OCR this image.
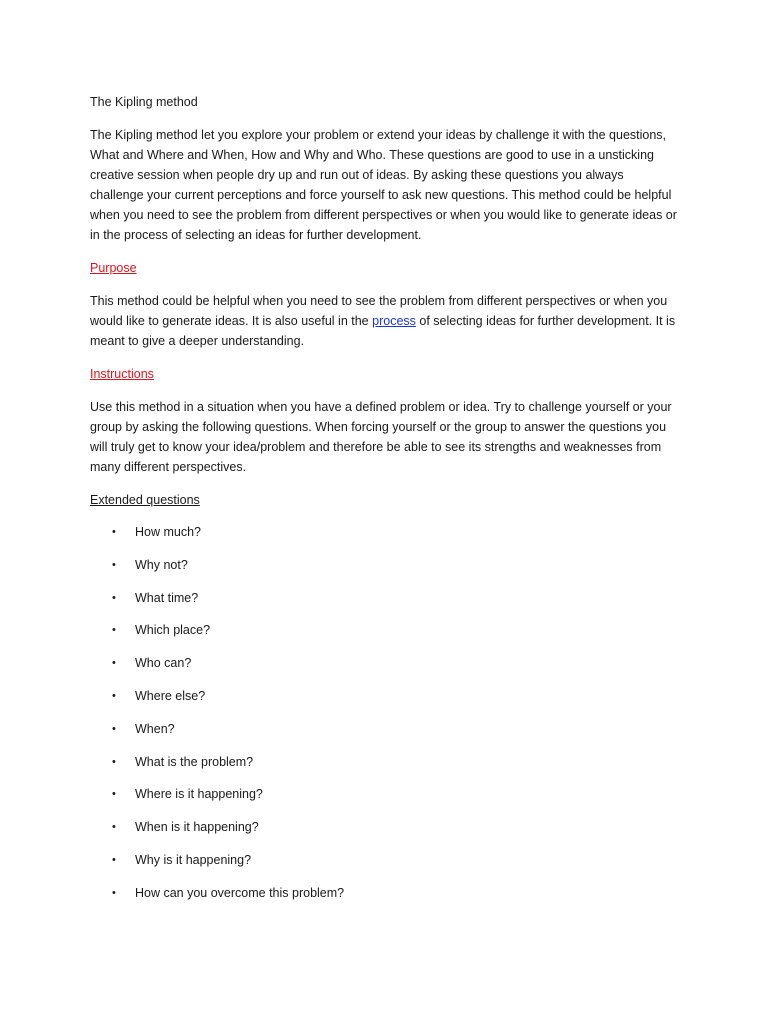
The Kipling method

The Kipling method let you explore your problem or extend your ideas by challenge it with the questions, What and Where and When, How and Why and Who. These questions are good to use in a unsticking creative session when people dry up and run out of ideas. By asking these questions you always challenge your current perceptions and force yourself to ask new questions. This method could be helpful when you need to see the problem from different perspectives or when you would like to generate ideas or in the process of selecting an ideas for further development.

Purpose

This method could be helpful when you need to see the problem from different perspectives or when you would like to generate ideas. It is also useful in the process of selecting ideas for further development. It is meant to give a deeper understanding.

Instructions

Use this method in a situation when you have a defined problem or idea. Try to challenge yourself or your group by asking the following questions. When forcing yourself or the group to answer the questions you will truly get to know your idea/problem and therefore be able to see its strengths and weaknesses from many different perspectives.

Extended questions
• How much?
• Why not?
• What time?
• Which place?
• Who can?
• Where else?
• When?
• What is the problem?
• Where is it happening?
• When is it happening?
• Why is it happening?
• How can you overcome this problem?
